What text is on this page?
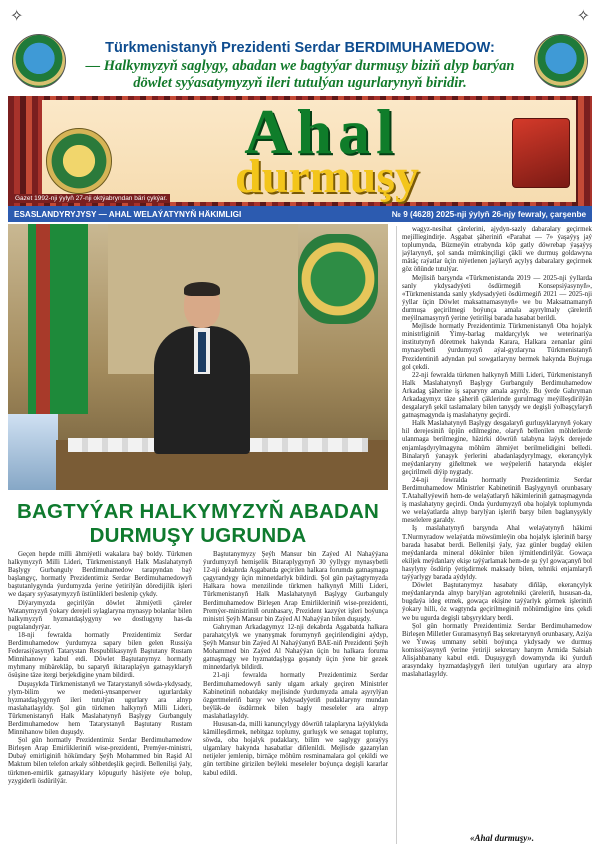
✧	✧
Türkmenistanyň Prezidenti Serdar BERDIMUHAMEDOW:
— Halkymyzyň saglygy, abadan we bagtyýar durmuşy biziň alyp barýan döwlet syýasatymyzyň ileri tutulýan ugurlarynyň biridir.
Ahal
durmuşy
Gazet 1992-nji ýylyň 27-nji oktýabryndan bäri çykýar.
ESASLANDYRYJYSY — AHAL WELAÝATYNYŇ HÄKIMLIGI	№ 9 (4628) 2025-nji ýylyň 26-njy fewraly, çarşenbe
BAGTYÝAR HALKYMYZYŇ ABADAN DURMUŞY UGRUNDA

Geçen hepde milli ähmiýetli wakalara baý boldy. Türkmen halkymyzyň Milli Lideri, Türkmenistanyň Halk Maslahatynyň Başlygy Gurbanguly Berdimuhamedow tarapyndan baý başlangyç, hormatly Prezidentimiz Serdar Berdimuhamedowyň baştutanlygynda ýurdumyzda ýerine ýetirilýän döredijilik işleri we daşary syýasatymyzyň üstünlikleri beslenip çykdy.

Diýarymyzda geçirilýän döwlet ähmiýetli çäreler Watanymyzyň ýokary derejeli sylaglaryna mynasyp bolanlar bilen halkymyzyň hyzmatdaşlygyny we dostlugyny has-da pugtalandyrýar.

18-nji fewralda hormatly Prezidentimiz Serdar Berdimuhamedow ýurdumyza sapary bilen gelen Russiýa Federasiýasynyň Tatarystan Respublikasynyň Baştutany Rustam Minnihanowy kabul etdi. Döwlet Baştutanymyz hormatly myhmany mübärekläp, bu saparyň ikitaraplaýyn gatnaşyklaryň ösüşine täze itergi berjekdigine ynam bildirdi.

Duşuşykda Türkmenistanyň we Tatarystanyň söwda-ykdysady, ylym-bilim we medeni-ynsanperwer ugurlardaky hyzmatdaşlygynyň ileri tutulýan ugurlary ara alnyp maslahatlaşyldy. Şol gün türkmen halkynyň Milli Lideri, Türkmenistanyň Halk Maslahatynyň Başlygy Gurbanguly Berdimuhamedow hem Tatarystanyň Baştutany Rustam Minnihanow bilen duşuşdy.

Şol gün hormatly Prezidentimiz Serdar Berdimuhamedow Birleşen Arap Emirlikleriniň wise-prezidenti, Premýer-ministri, Dubaý emirliginiň hökümdary Şeýh Mohammed bin Raşid Al Maktum bilen telefon arkaly söhbetdeşlik geçirdi. Bellenilişi ýaly, türkmen-emirlik gatnaşyklary köpugurly häsiýete eýe bolup, yzygiderli ösdürilýär.

Baştutanymyzy Şeýh Mansur bin Zaýed Al Nahaýýana ýurdumyzyň hemişelik Bitaraplygynyň 30 ýyllygy mynasybetli 12-nji dekabrda Aşgabatda geçirilen halkara forumda gatnaşmaga çagyrandygy üçin minnetdarlyk bildirdi. Şol gün paýtagtymyzda Halkara howa menzilinde türkmen halkynyň Milli Lideri, Türkmenistanyň Halk Maslahatynyň Başlygy Gurbanguly Berdimuhamedow Birleşen Arap Emirlikleriniň wise-prezidenti, Premýer-ministriniň orunbasary, Prezident kazyýet işleri boýunça ministri Şeýh Mansur bin Zaýed Al Nahaýýan bilen duşuşdy.

Gahryman Arkadagymyz 12-nji dekabrda Aşgabatda halkara parahatçylyk we ynanyşmak forumynyň geçirilendigini aýdyp, Şeýh Mansur bin Zaýed Al Nahaýýanyň BAE-niň Prezidenti Şeýh Mohammed bin Zaýed Al Nahaýýan üçin bu halkara foruma gatnaşmagy we hyzmatdaşlyga goşandy üçin ýene bir gezek minnetdarlyk bildirdi.

21-nji fewralda hormatly Prezidentimiz Serdar Berdimuhamedowyň sanly ulgam arkaly geçiren Ministrler Kabinetiniň nobatdaky mejlisinde ýurdumyzda amala aşyrylýan özgertmeleriň barşy we ykdysadyýetiň pudaklaryny mundan beýläk-de ösdürmek bilen bagly meseleler ara alnyp maslahatlaşyldy.

Hususan-da, milli kanunçylygy döwrüň talaplaryna laýyklykda kämilleşdirmek, nebitgaz toplumy, gurluşyk we senagat toplumy, söwda, oba hojalyk pudaklary, bilim we saglygy goraýyş ulgamlary hakynda hasabatlar diňlenildi. Mejlisde gazanylan netijeler jemlenip, birnäçe möhüm resminamalara gol çekildi we gün tertibine girizilen beýleki meseleler boýunça degişli kararlar kabul edildi.

wagyz-nesihat çärelerini, ajydyn-sazly dabaralary geçirmek mejilliegindirje. Aşgabat şäheriniň «Parahat — 7» ýaşaýyş jaý toplumynda, Büzmeýin etrabynda köp gatly döwrebap ýaşaýyş jaýlarynyň, şol sanda mümkinçiligi çäkli we durmuş goldawyna mätäç raýatlar üçin niýetlenen jaýlaryň açylyş dabaralary geçirmek göz öňünde tutulýar.

Mejlisiň barşynda «Türkmenistanda 2019 — 2025-nji ýyllarda sanly ykdysadyýeti ösdürmegiň Konsepsiýasynyň», «Türkmenistanda sanly ykdysadyýeti ösdürmegiň 2021 — 2025-nji ýyllar üçin Döwlet maksatnamasynyň» we bu Maksatnamanyň durmuşa geçirilmegi boýunça amala aşyrylmaly çäreleriň meýilnamasynyň ýerine ýetirilişi barada hasabat berildi.

Mejlisde hormatly Prezidentimiz Türkmenistanyň Oba hojalyk ministrliginiň Ýimy-barlag maldarçylyk we weterinariýa institutynyň döretmek hakynda Karara, Halkara zenanlar güni mynasybetli ýurdumyzyň aýal-gyzlaryna Türkmenistanyň Prezidentiniň adyndan pul sowgatlaryny bermek hakynda Buýruga gol çekdi.

22-nji fewralda türkmen halkynyň Milli Lideri, Türkmenistanyň Halk Maslahatynyň Başlygy Gurbanguly Berdimuhamedow Arkadag şäherine iş saparyny amala aşyrdy. Bu ýerde Gahryman Arkadagymyz täze şäheriň çäklerinde gurulmagy meýilleşdirilýän desgalaryň şekil taslamalary bilen tanyşdy we degişli ýolbaşçylaryň gatnaşmagynda iş maslahatyny geçirdi.

Halk Maslahatynyň Başlygy desgalaryň gurluşyklarynyň ýokary hil derejesiniň üpjün edilmegine, olaryň bellenilen möhletlerde ulanmaga berilmegine, häzirki döwrüň talabyna laýyk derejede enjamlaşdyrylmagyna möhüm ähmiýet berilmelidigini belledi. Binalaryň ýanaşyk ýerlerini abadanlaşdyrylmagy, ekerançylyk meýdanlaryny giňeltmek we weýpeleriň hatarynda ekişler geçirilmeli diýip nygtady.

24-nji fewralda hormatly Prezidentimiz Serdar Berdimuhamedow Ministrler Kabinetiniň Başlygynyň orunbasary T.Atahallyýewiň hem-de welaýatlaryň häkimleriniň gatnaşmagynda iş maslahatyny geçirdi. Onda ýurdumyzyň oba hojalyk toplumynda we welaýatlarda alnyp barylýan işleriň barşy bilen baglanyşykly meselelere garaldy.

Iş maslahatynyň barşynda Ahal welaýatynyň häkimi T.Nurmyradow welaýatda möwsümleýin oba hojalyk işleriniň barşy barada hasabat berdi. Bellenilşi ýaly, ýaz günler bugdaý ekilen meýdanlarda mineral dökünler bilen iýmitlendirilýär. Gowaça ekiljek meýdanlary ekişe taýýarlamak hem-de şu ýyl gowaçanyň bol hasylyny ösdürip ýetişdirmek maksady bilen, tehniki enjamlaryň taýýarlygy barada aýdyldy.

Döwlet Baştutanymyz hasabaty diňläp, ekerançylyk meýdanlarynda alnyp barylýan agrotehniki çäreleriň, hususan-da, bugdaýa ideg etmek, gowaça ekişine taýýarlyk görmek işleriniň ýokary hilli, öz wagtynda geçirilmeginiň möhümdigine üns çekdi we bu ugurda degişli tabşyryklary berdi.

Şol gün hormatly Prezidentimiz Serdar Berdimuhamedow Birleşen Milletler Guramasynyň Baş sekretarynyň orunbasary, Aziýa we Ýuwaş ummany sebiti boýunça ykdysady we durmuş komissiýasynyň ýerine ýetiriji sekretary hanym Armida Salsiah Alisjahbanany kabul etdi. Duşuşygyň dowamynda iki ýurduň arasyndaky hyzmatdaşlygyň ileri tutulýan ugurlary ara alnyp maslahatlaşyldy.

«Ahal durmuşy».
